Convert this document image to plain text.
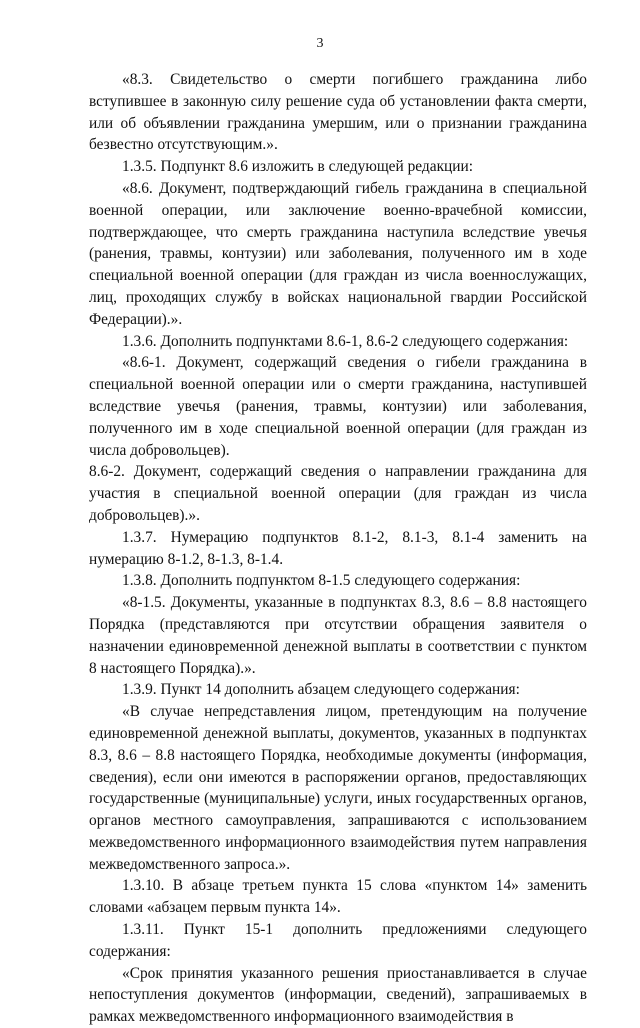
3

«8.3. Свидетельство о смерти погибшего гражданина либо вступившее в законную силу решение суда об установлении факта смерти, или об объявлении гражданина умершим, или о признании гражданина безвестно отсутствующим.».

1.3.5. Подпункт 8.6 изложить в следующей редакции:

«8.6. Документ, подтверждающий гибель гражданина в специальной военной операции, или заключение военно-врачебной комиссии, подтверждающее, что смерть гражданина наступила вследствие увечья (ранения, травмы, контузии) или заболевания, полученного им в ходе специальной военной операции (для граждан из числа военнослужащих, лиц, проходящих службу в войсках национальной гвардии Российской Федерации).».

1.3.6. Дополнить подпунктами 8.6-1, 8.6-2 следующего содержания:

«8.6-1. Документ, содержащий сведения о гибели гражданина в специальной военной операции или о смерти гражданина, наступившей вследствие увечья (ранения, травмы, контузии) или заболевания, полученного им в ходе специальной военной операции (для граждан из числа добровольцев).

8.6-2. Документ, содержащий сведения о направлении гражданина для участия в специальной военной операции (для граждан из числа добровольцев).».

1.3.7. Нумерацию подпунктов 8.1-2, 8.1-3, 8.1-4 заменить на нумерацию 8-1.2, 8-1.3, 8-1.4.

1.3.8. Дополнить подпунктом 8-1.5 следующего содержания:

«8-1.5. Документы, указанные в подпунктах 8.3, 8.6 – 8.8 настоящего Порядка (представляются при отсутствии обращения заявителя о назначении единовременной денежной выплаты в соответствии с пунктом 8 настоящего Порядка).».

1.3.9. Пункт 14 дополнить абзацем следующего содержания:

«В случае непредставления лицом, претендующим на получение единовременной денежной выплаты, документов, указанных в подпунктах 8.3, 8.6 – 8.8 настоящего Порядка, необходимые документы (информация, сведения), если они имеются в распоряжении органов, предоставляющих государственные (муниципальные) услуги, иных государственных органов, органов местного самоуправления, запрашиваются с использованием межведомственного информационного взаимодействия путем направления межведомственного запроса.».

1.3.10. В абзаце третьем пункта 15 слова «пунктом 14» заменить словами «абзацем первым пункта 14».

1.3.11. Пункт 15-1 дополнить предложениями следующего содержания:

«Срок принятия указанного решения приостанавливается в случае непоступления документов (информации, сведений), запрашиваемых в рамках межведомственного информационного взаимодействия в
